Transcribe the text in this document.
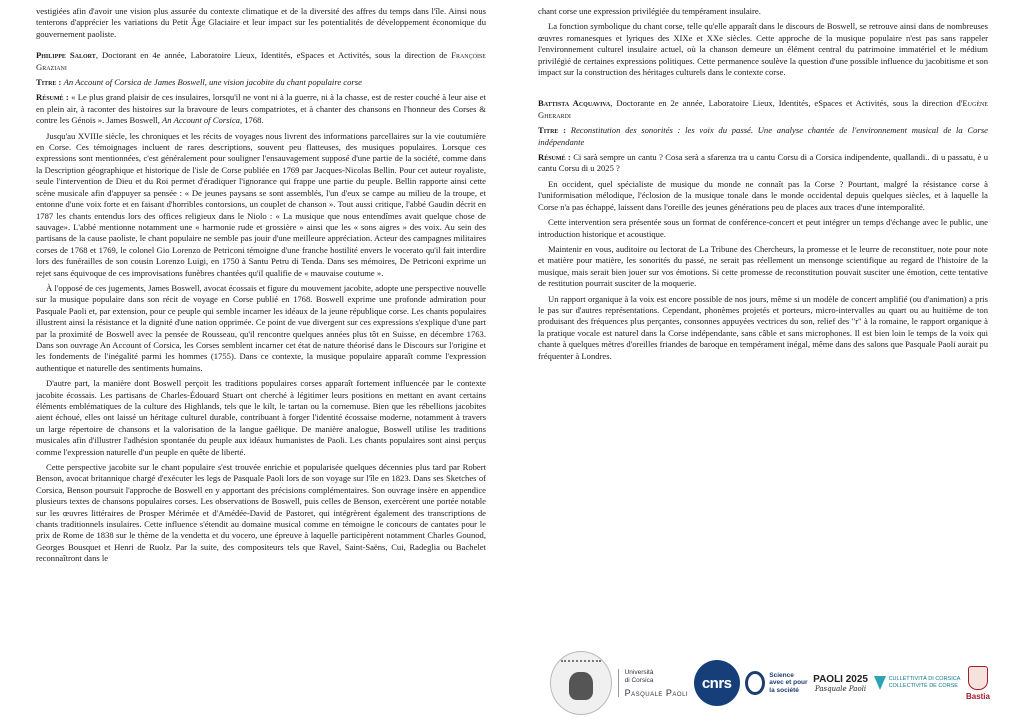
vestigiées afin d'avoir une vision plus assurée du contexte climatique et de la diversité des affres du temps dans l'île. Ainsi nous tenterons d'apprécier les variations du Petit Âge Glaciaire et leur impact sur les potentialités de développement économique du gouvernement paoliste.

Philippe Salort, Doctorant en 4e année, Laboratoire Lieux, Identités, eSpaces et Activités, sous la direction de Françoise Graziani

Titre : An Account of Corsica de James Boswell, une vision jacobite du chant populaire corse

Résumé : « Le plus grand plaisir de ces insulaires, lorsqu'il ne vont ni à la guerre, ni à la chasse, est de rester couché à leur aise et en plein air, à raconter des histoires sur la bravoure de leurs compatriotes, et à chanter des chansons en l'honneur des Corses & contre les Génois ». James Boswell, An Account of Corsica, 1768.

Jusqu'au XVIIIe siècle, les chroniques et les récits de voyages nous livrent des informations parcellaires sur la vie coutumière en Corse. Ces témoignages incluent de rares descriptions, souvent peu flatteuses, des musiques populaires. Lorsque ces expressions sont mentionnées, c'est généralement pour souligner l'ensauvagement supposé d'une partie de la société, comme dans la Description géographique et historique de l'isle de Corse publiée en 1769 par Jacques-Nicolas Bellin. Pour cet auteur royaliste, seule l'intervention de Dieu et du Roi permet d'éradiquer l'ignorance qui frappe une partie du peuple. Bellin rapporte ainsi cette scène musicale afin d'appuyer sa pensée : « De jeunes paysans se sont assemblés, l'un d'eux se campe au milieu de la troupe, et entonne d'une voix forte et en faisant d'horribles contorsions, un couplet de chanson ». Tout aussi critique, l'abbé Gaudin décrit en 1787 les chants entendus lors des offices religieux dans le Niolo : « La musique que nous entendîmes avait quelque chose de sauvage». L'abbé mentionne notamment une « harmonie rude et grossière » ainsi que les « sons aigres » des voix. Au sein des partisans de la cause paoliste, le chant populaire ne semble pas jouir d'une meilleure appréciation. Acteur des campagnes militaires corses de 1768 et 1769, le colonel Gio Lorenzo de Petriconi témoigne d'une franche hostilité envers le vocerato qu'il fait interdire lors des funérailles de son cousin Lorenzo Luigi, en 1750 à Santu Petru di Tenda. Dans ses mémoires, De Petriconi exprime un rejet sans équivoque de ces improvisations funèbres chantées qu'il qualifie de « mauvaise coutume ».

À l'opposé de ces jugements, James Boswell, avocat écossais et figure du mouvement jacobite, adopte une perspective nouvelle sur la musique populaire dans son récit de voyage en Corse publié en 1768. Boswell exprime une profonde admiration pour Pasquale Paoli et, par extension, pour ce peuple qui semble incarner les idéaux de la jeune république corse. Les chants populaires illustrent ainsi la résistance et la dignité d'une nation opprimée. Ce point de vue divergent sur ces expressions s'explique d'une part par la proximité de Boswell avec la pensée de Rousseau, qu'il rencontre quelques années plus tôt en Suisse, en décembre 1763. Dans son ouvrage An Account of Corsica, les Corses semblent incarner cet état de nature théorisé dans le Discours sur l'origine et les fondements de l'inégalité parmi les hommes (1755). Dans ce contexte, la musique populaire apparaît comme l'expression authentique et naturelle des sentiments humains.

D'autre part, la manière dont Boswell perçoit les traditions populaires corses apparaît fortement influencée par le contexte jacobite écossais. Les partisans de Charles-Édouard Stuart ont cherché à légitimer leurs positions en mettant en avant certains éléments emblématiques de la culture des Highlands, tels que le kilt, le tartan ou la cornemuse. Bien que les rébellions jacobites aient échoué, elles ont laissé un héritage culturel durable, contribuant à forger l'identité écossaise moderne, notamment à travers un large répertoire de chansons et la valorisation de la langue gaélique. De manière analogue, Boswell utilise les traditions musicales afin d'illustrer l'adhésion spontanée du peuple aux idéaux humanistes de Paoli. Les chants populaires sont ainsi perçus comme l'expression naturelle d'un peuple en quête de liberté.

Cette perspective jacobite sur le chant populaire s'est trouvée enrichie et popularisée quelques décennies plus tard par Robert Benson, avocat britannique chargé d'exécuter les legs de Pasquale Paoli lors de son voyage sur l'île en 1823. Dans ses Sketches of Corsica, Benson poursuit l'approche de Boswell en y apportant des précisions complémentaires. Son ouvrage insère en appendice plusieurs textes de chansons populaires corses. Les observations de Boswell, puis celles de Benson, exercèrent une portée notable sur les œuvres littéraires de Prosper Mérimée et d'Amédée-David de Pastoret, qui intégrèrent également des transcriptions de chants traditionnels insulaires. Cette influence s'étendit au domaine musical comme en témoigne le concours de cantates pour le prix de Rome de 1838 sur le thème de la vendetta et du vocero, une épreuve à laquelle participèrent notamment Charles Gounod, Georges Bousquet et Henri de Ruolz. Par la suite, des compositeurs tels que Ravel, Saint-Saëns, Cui, Radeglia ou Bachelet reconnaîtront dans le

chant corse une expression privilégiée du tempérament insulaire.

La fonction symbolique du chant corse, telle qu'elle apparaît dans le discours de Boswell, se retrouve ainsi dans de nombreuses œuvres romanesques et lyriques des XIXe et XXe siècles. Cette approche de la musique populaire n'est pas sans rappeler l'environnement culturel insulaire actuel, où la chanson demeure un élément central du patrimoine immatériel et le médium privilégié de certaines expressions politiques. Cette permanence soulève la question d'une possible influence du jacobitisme et son impact sur la construction des héritages culturels dans le contexte corse.

Battista Acquaviva, Doctorante en 2e année, Laboratoire Lieux, Identités, eSpaces et Activités, sous la direction d'Eugène Gherardi

Titre : Reconstitution des sonorités : les voix du passé. Une analyse chantée de l'environnement musical de la Corse indépendante

Résumé : Ci sarà sempre un cantu ? Cosa serà a sfarenza tra u cantu Corsu di a Corsica indipendente, quallandi.. di u passatu, è u cantu Corsu di u 2025 ?

En occident, quel spécialiste de musique du monde ne connaît pas la Corse ? Pourtant, malgré la résistance corse à l'uniformisation mélodique, l'éclosion de la musique tonale dans le monde occidental depuis quelques siècles, et à laquelle la Corse n'a pas échappé, laissent dans l'oreille des jeunes générations peu de places aux traces d'une intemporalité.

Cette intervention sera présentée sous un format de conférence-concert et peut intégrer un temps d'échange avec le public, une introduction historique et acoustique.

Maintenir en vous, auditoire ou lectorat de La Tribune des Chercheurs, la promesse et le leurre de reconstituer, note pour note et matière pour matière, les sonorités du passé, ne serait pas réellement un mensonge scientifique au regard de l'histoire de la musique, mais serait bien jouer sur vos émotions. Si cette promesse de reconstitution pouvait susciter une émotion, cette tentative de restitution pourrait susciter de la moquerie.

Un rapport organique à la voix est encore possible de nos jours, même si un modèle de concert amplifié (ou d'animation) a pris le pas sur d'autres représentations. Cependant, phonèmes projetés et porteurs, micro-intervalles au quart ou au huitième de ton produisant des fréquences plus perçantes, consonnes appuyées vectrices du son, relief des "r" à la romaine, le rapport organique à la pratique vocale est naturel dans la Corse indépendante, sans câble et sans microphones. Il est bien loin le temps de la voix qui chante à quelques mètres d'oreilles friandes de baroque en tempérament inégal, même dans des salons que Pasquale Paoli aurait pu fréquenter à Londres.

Università
di Corsica
Pasquale Paoli
cnrs	Science
avec et pour
la société
PAOLI 2025
Pasquale Paoli
CULLETTIVITÀ DI CORSICA
COLLECTIVITÉ DE CORSE
Bastia
